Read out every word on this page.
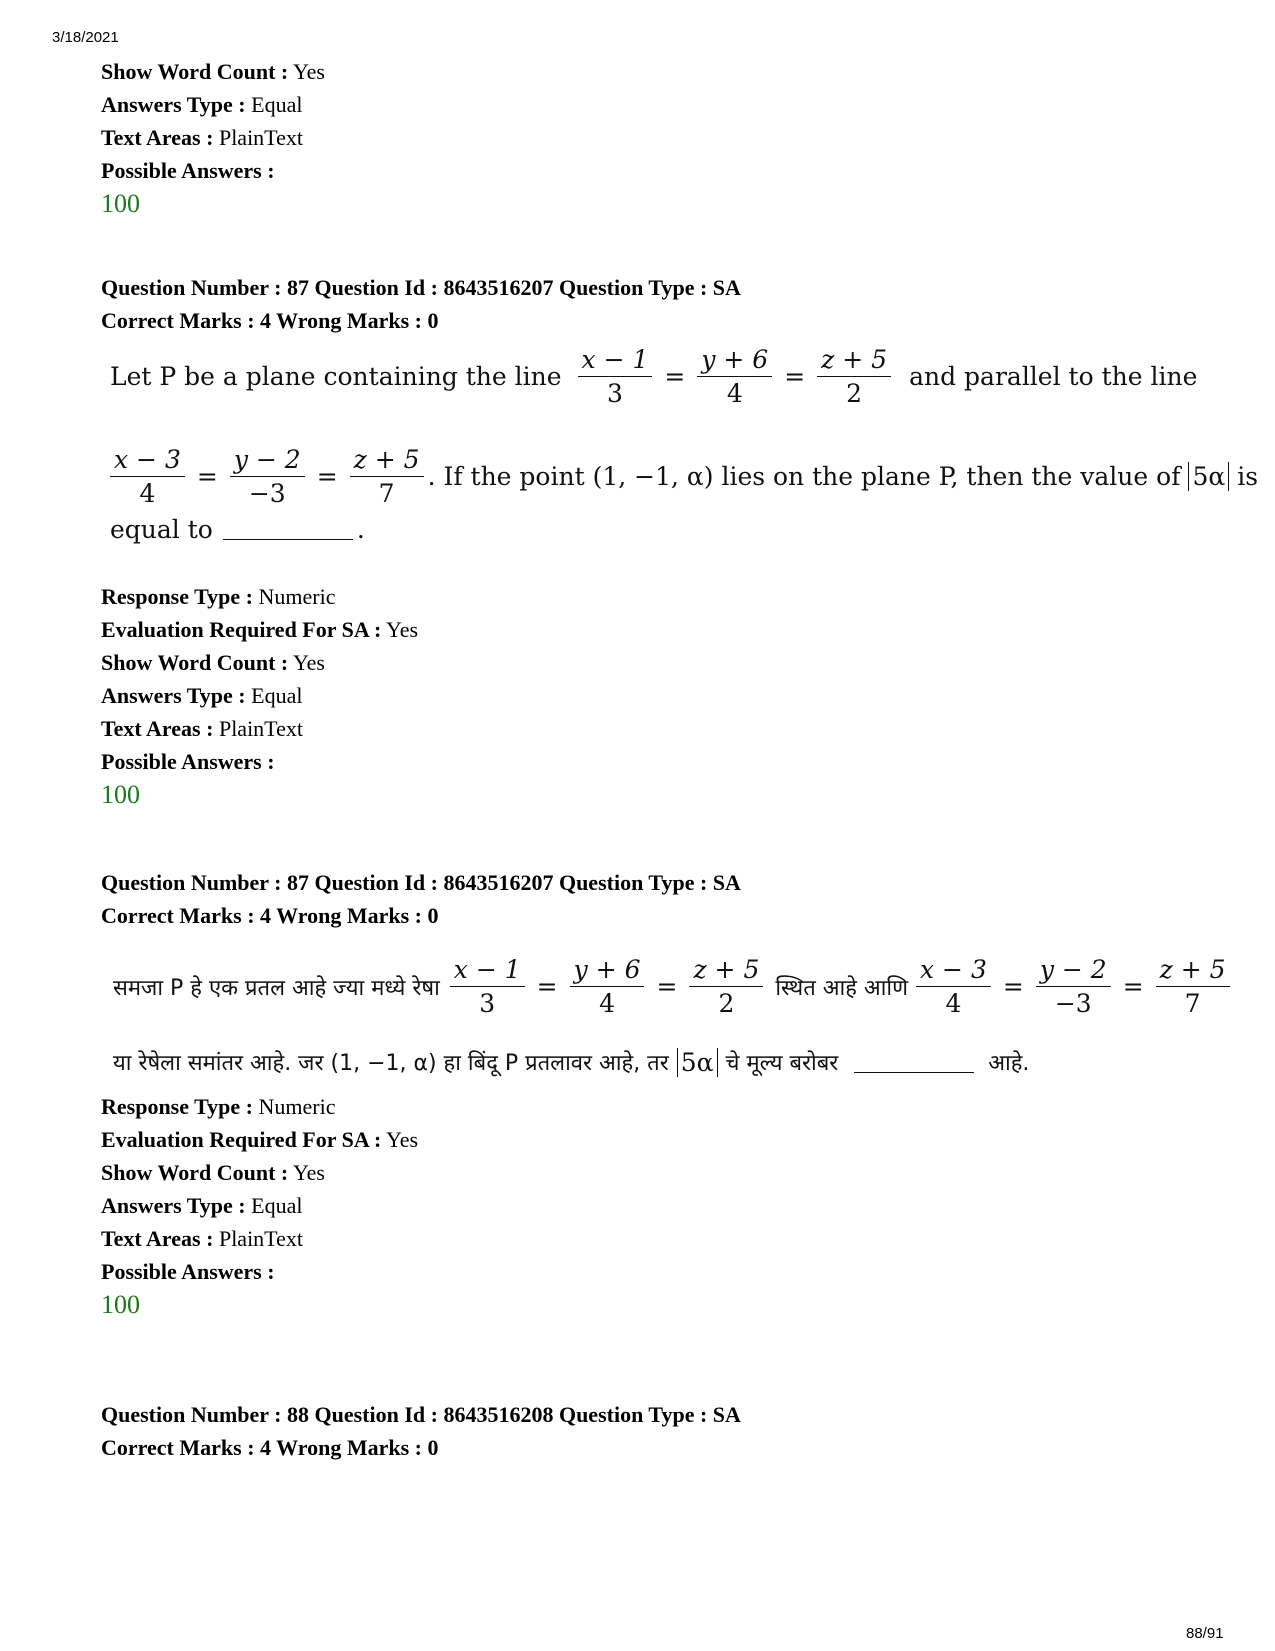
3/18/2021
Show Word Count : Yes
Answers Type : Equal
Text Areas : PlainText
Possible Answers :
100
Question Number : 87 Question Id : 8643516207 Question Type : SA
Correct Marks : 4 Wrong Marks : 0
Let P be a plane containing the line $\frac{x - 1}{3} = \frac{y + 6}{4} = \frac{z + 5}{2}$ and parallel to the line
$\frac{x - 3}{4} = \frac{y - 2}{-3} = \frac{z + 5}{7}$ . If the point (1, −1, α) lies on the plane P, then the value of 5α is
equal to	.
Response Type : Numeric
Evaluation Required For SA : Yes
Show Word Count : Yes
Answers Type : Equal
Text Areas : PlainText
Possible Answers :
100
Question Number : 87 Question Id : 8643516207 Question Type : SA
Correct Marks : 4 Wrong Marks : 0
समजा P हे एक प्रतल आहे ज्या मध्ये रेषा $\frac{x - 1}{3} = \frac{y + 6}{4} = \frac{z + 5}{2}$ स्थित आहे आणि $\frac{x - 3}{4} = \frac{y - 2}{-3} = \frac{z + 5}{7}$
या रेषेला समांतर आहे. जर (1, −1, α) हा बिंदू P प्रतलावर आहे, तर 5α चे मूल्य बरोबर	आहे.
Response Type : Numeric
Evaluation Required For SA : Yes
Show Word Count : Yes
Answers Type : Equal
Text Areas : PlainText
Possible Answers :
100
Question Number : 88 Question Id : 8643516208 Question Type : SA
Correct Marks : 4 Wrong Marks : 0
88/91
